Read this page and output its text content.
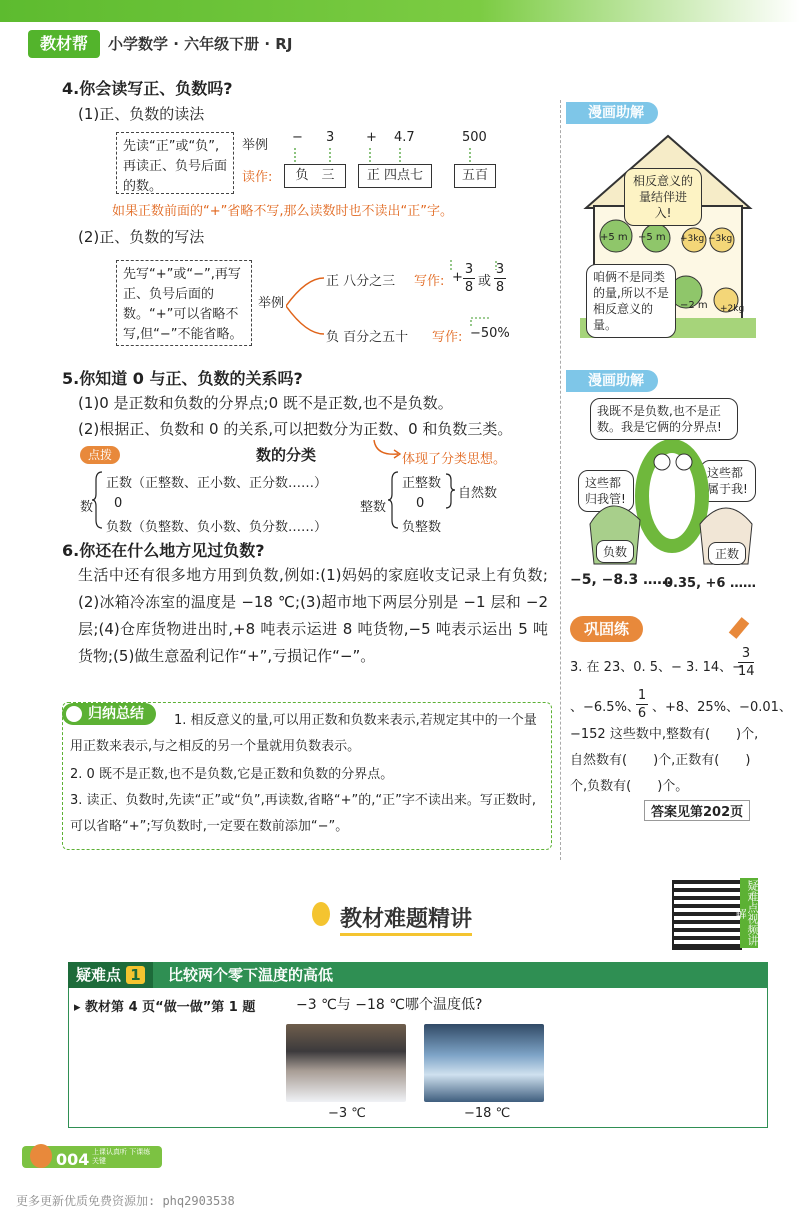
教材帮	小学数学 · 六年级下册 · RJ
4.你会读写正、负数吗?
(1)正、负数的读法
先读“正”或“负”,再读正、负号后面的数。
举例
− 3 + 4.7	500
读作:	负　三	正 四点七	五百
如果正数前面的“+”省略不写,那么读数时也不读出“正”字。
(2)正、负数的写法
先写“+”或“−”,再写正、负号后面的数。“+”可以省略不写,但“−”不能省略。
举例
正 八分之三 写作: +
3
8 或
3
8
负 百分之五十 写作: −50%
5.你知道 0 与正、负数的关系吗?
(1)0 是正数和负数的分界点;0 既不是正数,也不是负数。
(2)根据正、负数和 0 的关系,可以把数分为正数、0 和负数三类。
点拨	数的分类	体现了分类思想。
数
正数（正整数、正小数、正分数……）
0
负数（负整数、负小数、负分数……）
整数
正整数
0
负整数
自然数
6.你还在什么地方见过负数?
生活中还有很多地方用到负数,例如:(1)妈妈的家庭收支记录上有负数;(2)冰箱冷冻室的温度是 −18 ℃;(3)超市地下两层分别是 −1 层和 −2 层;(4)仓库货物进出时,+8 吨表示运进 8 吨货物,−5 吨表示运出 5 吨货物;(5)做生意盈利记作“+”,亏损记作“−”。
归纳总结	1. 相反意义的量,可以用正数和负数来表示,若规定其中的一个量用正数来表示,与之相反的另一个量就用负数表示。
2. 0 既不是正数,也不是负数,它是正数和负数的分界点。
3. 读正、负数时,先读“正”或“负”,再读数,省略“+”的,“正”字不读出来。写正数时,可以省略“+”;写负数时,一定要在数前添加“−”。
漫画助解
相反意义的量结伴进入!
+5 m −5 m +3kg −3kg
咱俩不是同类的量,所以不是相反意义的量。
−2 m +2kg
漫画助解
我既不是负数,也不是正数。我是它俩的分界点!
这些都归我管!
这些都属于我!
负数	正数
−5, −8.3 ……
0.35, +6 ……
巩固练
3. 在 23、0. 5、− 3. 14、−
3
14
、−6.5%、
1
6 、+8、25%、−0.01、
−152 这些数中,整数有(　　)个,自然数有(　　)个,正数有(　　)个,负数有(　　)个。
答案见第202页
教材难题精讲	疑难点视频讲解
疑难点 1	比较两个零下温度的高低
▸ 教材第 4 页“做一做”第 1 题	−3 ℃与 −18 ℃哪个温度低?
−3 ℃	−18 ℃
004 上课认真听 下课练关键
更多更新优质免费资源加: phq2903538
